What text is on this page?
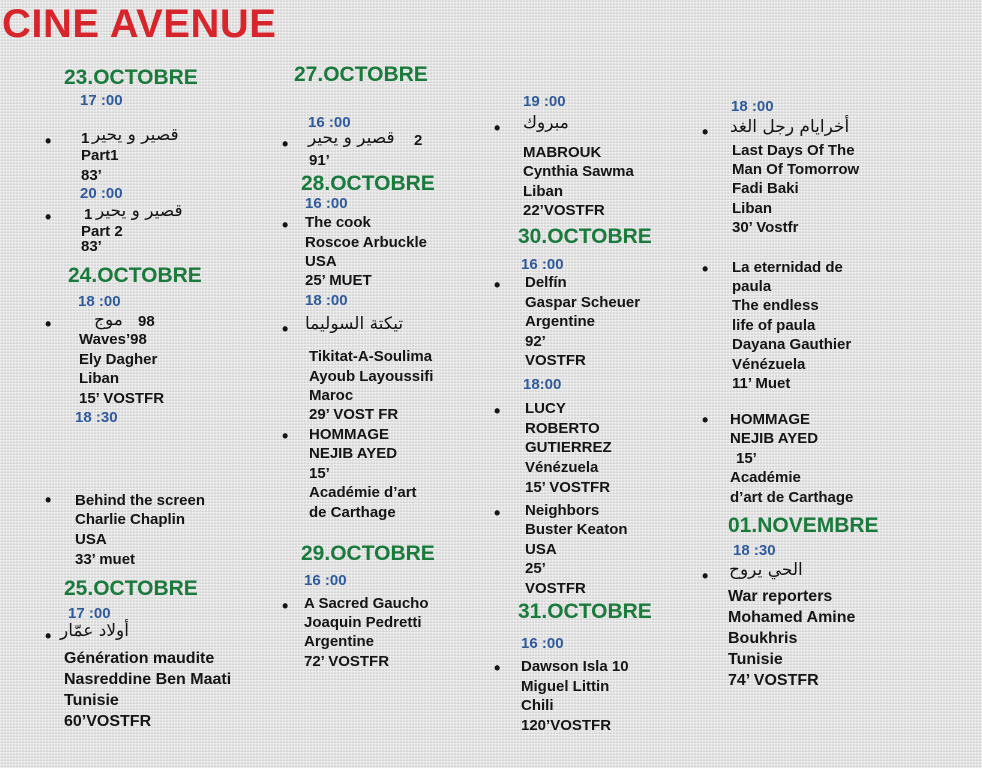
CINE AVENUE
23.OCTOBRE
17 :00
• 1 قصير و يحير
Part1
83’
20 :00
• 1 قصير و يحير
Part 2
83’
24.OCTOBRE
18 :00
•	موج 98
Waves’98
Ely Dagher
Liban
15’ VOSTFR
18 :30
• Behind the screen
Charlie Chaplin
USA
33’ muet
25.OCTOBRE
17 :00
• أولاد عمّار
Génération maudite
Nasreddine Ben Maati
Tunisie
60’VOSTFR
27.OCTOBRE
16 :00
• قصير و يحير 2
91’
28.OCTOBRE
16 :00
• The cook
Roscoe Arbuckle
USA
25’ MUET
18 :00
• تيكتة السوليما
Tikitat-A-Soulima
Ayoub Layoussifi
Maroc
29’ VOST FR
• HOMMAGE
NEJIB AYED
15’
Académie d’art
de Carthage
29.OCTOBRE
16 :00
• A Sacred Gaucho
Joaquin Pedretti
Argentine
72’ VOSTFR
19 :00
• مبروك
MABROUK
Cynthia Sawma
Liban
22’VOSTFR
30.OCTOBRE
16 :00
• Delfín
Gaspar Scheuer
Argentine
92’
VOSTFR
18:00
• LUCY
ROBERTO
GUTIERREZ
Vénézuela
15’ VOSTFR
• Neighbors
Buster Keaton
USA
25’
VOSTFR
31.OCTOBRE
16 :00
• Dawson Isla 10
Miguel Littin
Chili
120’VOSTFR
18 :00
• أخرايام رجل الغد
Last Days Of The
Man Of Tomorrow
Fadi Baki
Liban
30’ Vostfr
• La eternidad de
paula
The endless
life of paula
Dayana Gauthier
Vénézuela
11’ Muet
• HOMMAGE
NEJIB AYED
15’
Académie
d’art de Carthage
01.NOVEMBRE
18 :30
• الحي يروح
War reporters
Mohamed Amine
Boukhris
Tunisie
74’ VOSTFR
